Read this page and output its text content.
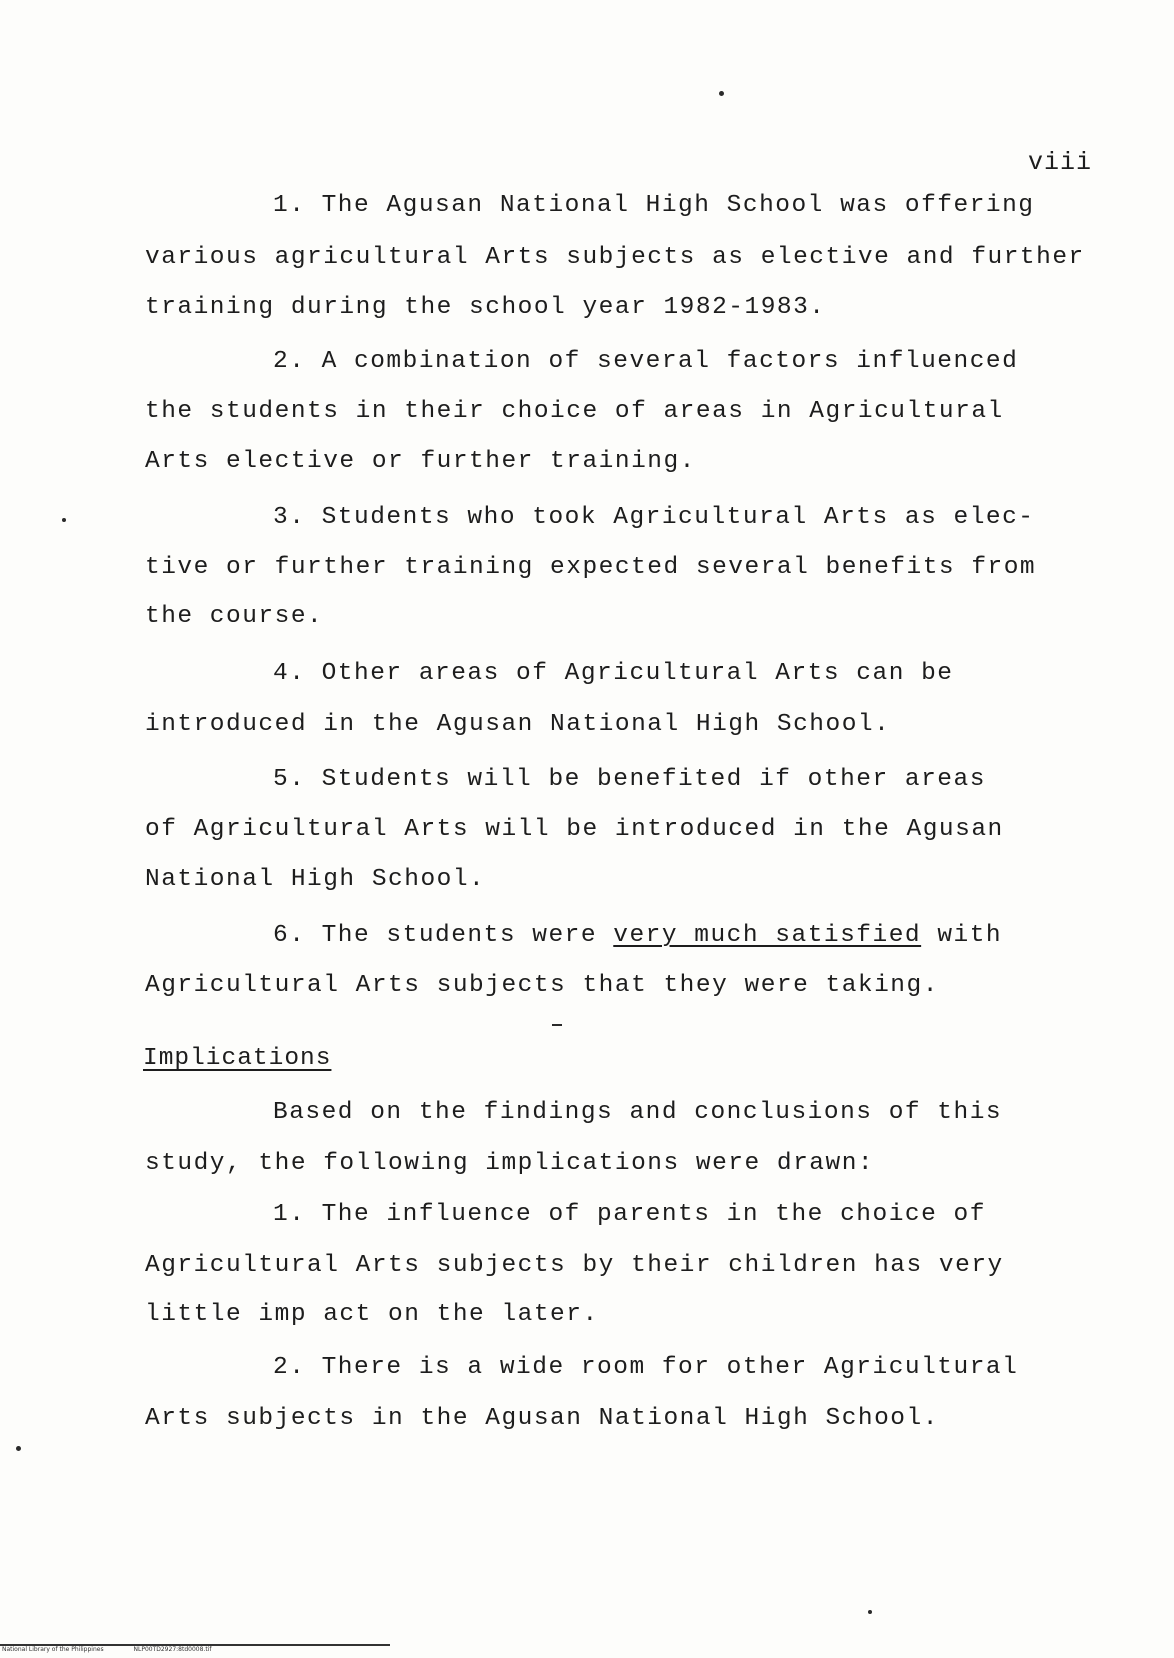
viii
1. The Agusan National High School was offering
various agricultural Arts subjects as elective and further
training during the school year 1982-1983.
2. A combination of several factors influenced
the students in their choice of areas in Agricultural
Arts elective or further training.
3. Students who took Agricultural Arts as elec-
tive or further training expected several benefits from
the course.
4. Other areas of Agricultural Arts can be
introduced in the Agusan National High School.
5. Students will be benefited if other areas
of Agricultural Arts will be introduced in the Agusan
National High School.
6. The students were very much satisfied with
Agricultural Arts subjects that they were taking.
Implications
Based on the findings and conclusions of this
study, the following implications were drawn:
1. The influence of parents in the choice of
Agricultural Arts subjects by their children has very
little imp act on the later.
2. There is a wide room for other Agricultural
Arts subjects in the Agusan National High School.
National Library of the Philippines	NLP00TD2927:8td0008.tif
